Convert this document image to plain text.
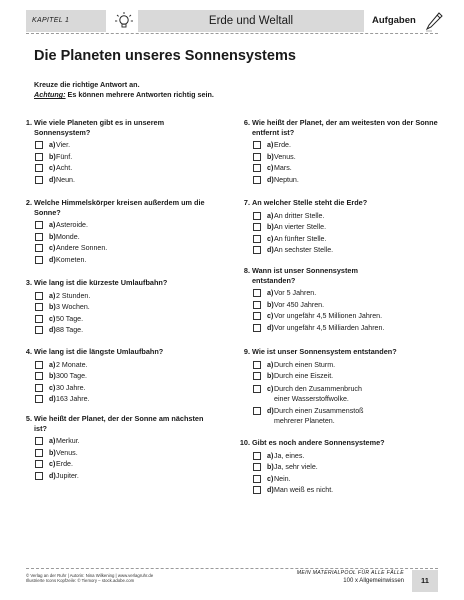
KAPITEL 1	Erde und Weltall	Aufgaben
Die Planeten unseres Sonnensystems
Kreuze die richtige Antwort an.
Achtung: Es können mehrere Antworten richtig sein.
1. Wie viele Planeten gibt es in unserem Sonnensystem?
a) Vier.
b) Fünf.
c) Acht.
d) Neun.
2. Welche Himmelskörper kreisen außerdem um die Sonne?
a) Asteroide.
b) Monde.
c) Andere Sonnen.
d) Kometen.
3. Wie lang ist die kürzeste Umlaufbahn?
a) 2 Stunden.
b) 3 Wochen.
c) 50 Tage.
d) 88 Tage.
4. Wie lang ist die längste Umlaufbahn?
a) 2 Monate.
b) 300 Tage.
c) 30 Jahre.
d) 163 Jahre.
5. Wie heißt der Planet, der der Sonne am nächsten ist?
a) Merkur.
b) Venus.
c) Erde.
d) Jupiter.
6. Wie heißt der Planet, der am weitesten von der Sonne entfernt ist?
a) Erde.
b) Venus.
c) Mars.
d) Neptun.
7. An welcher Stelle steht die Erde?
a) An dritter Stelle.
b) An vierter Stelle.
c) An fünfter Stelle.
d) An sechster Stelle.
8. Wann ist unser Sonnensystem entstanden?
a) Vor 5 Jahren.
b) Vor 450 Jahren.
c) Vor ungefähr 4,5 Millionen Jahren.
d) Vor ungefähr 4,5 Milliarden Jahren.
9. Wie ist unser Sonnensystem entstanden?
a) Durch einen Sturm.
b) Durch eine Eiszeit.
c) Durch den Zusammenbruch einer Wasserstoffwolke.
d) Durch einen Zusammenstoß mehrerer Planeten.
10. Gibt es noch andere Sonnensysteme?
a) Ja, eines.
b) Ja, sehr viele.
c) Nein.
d) Man weiß es nicht.
© Verlag an der Ruhr | Autorin: Nina Wilkening | www.verlagruhr.de
Illustrierte Icons Kopfzeile: © Tiemory – stock.adobe.com
MEIN MATERIALPOOL FÜR ALLE FÄLLE
100 x Allgemeinwissen	11
